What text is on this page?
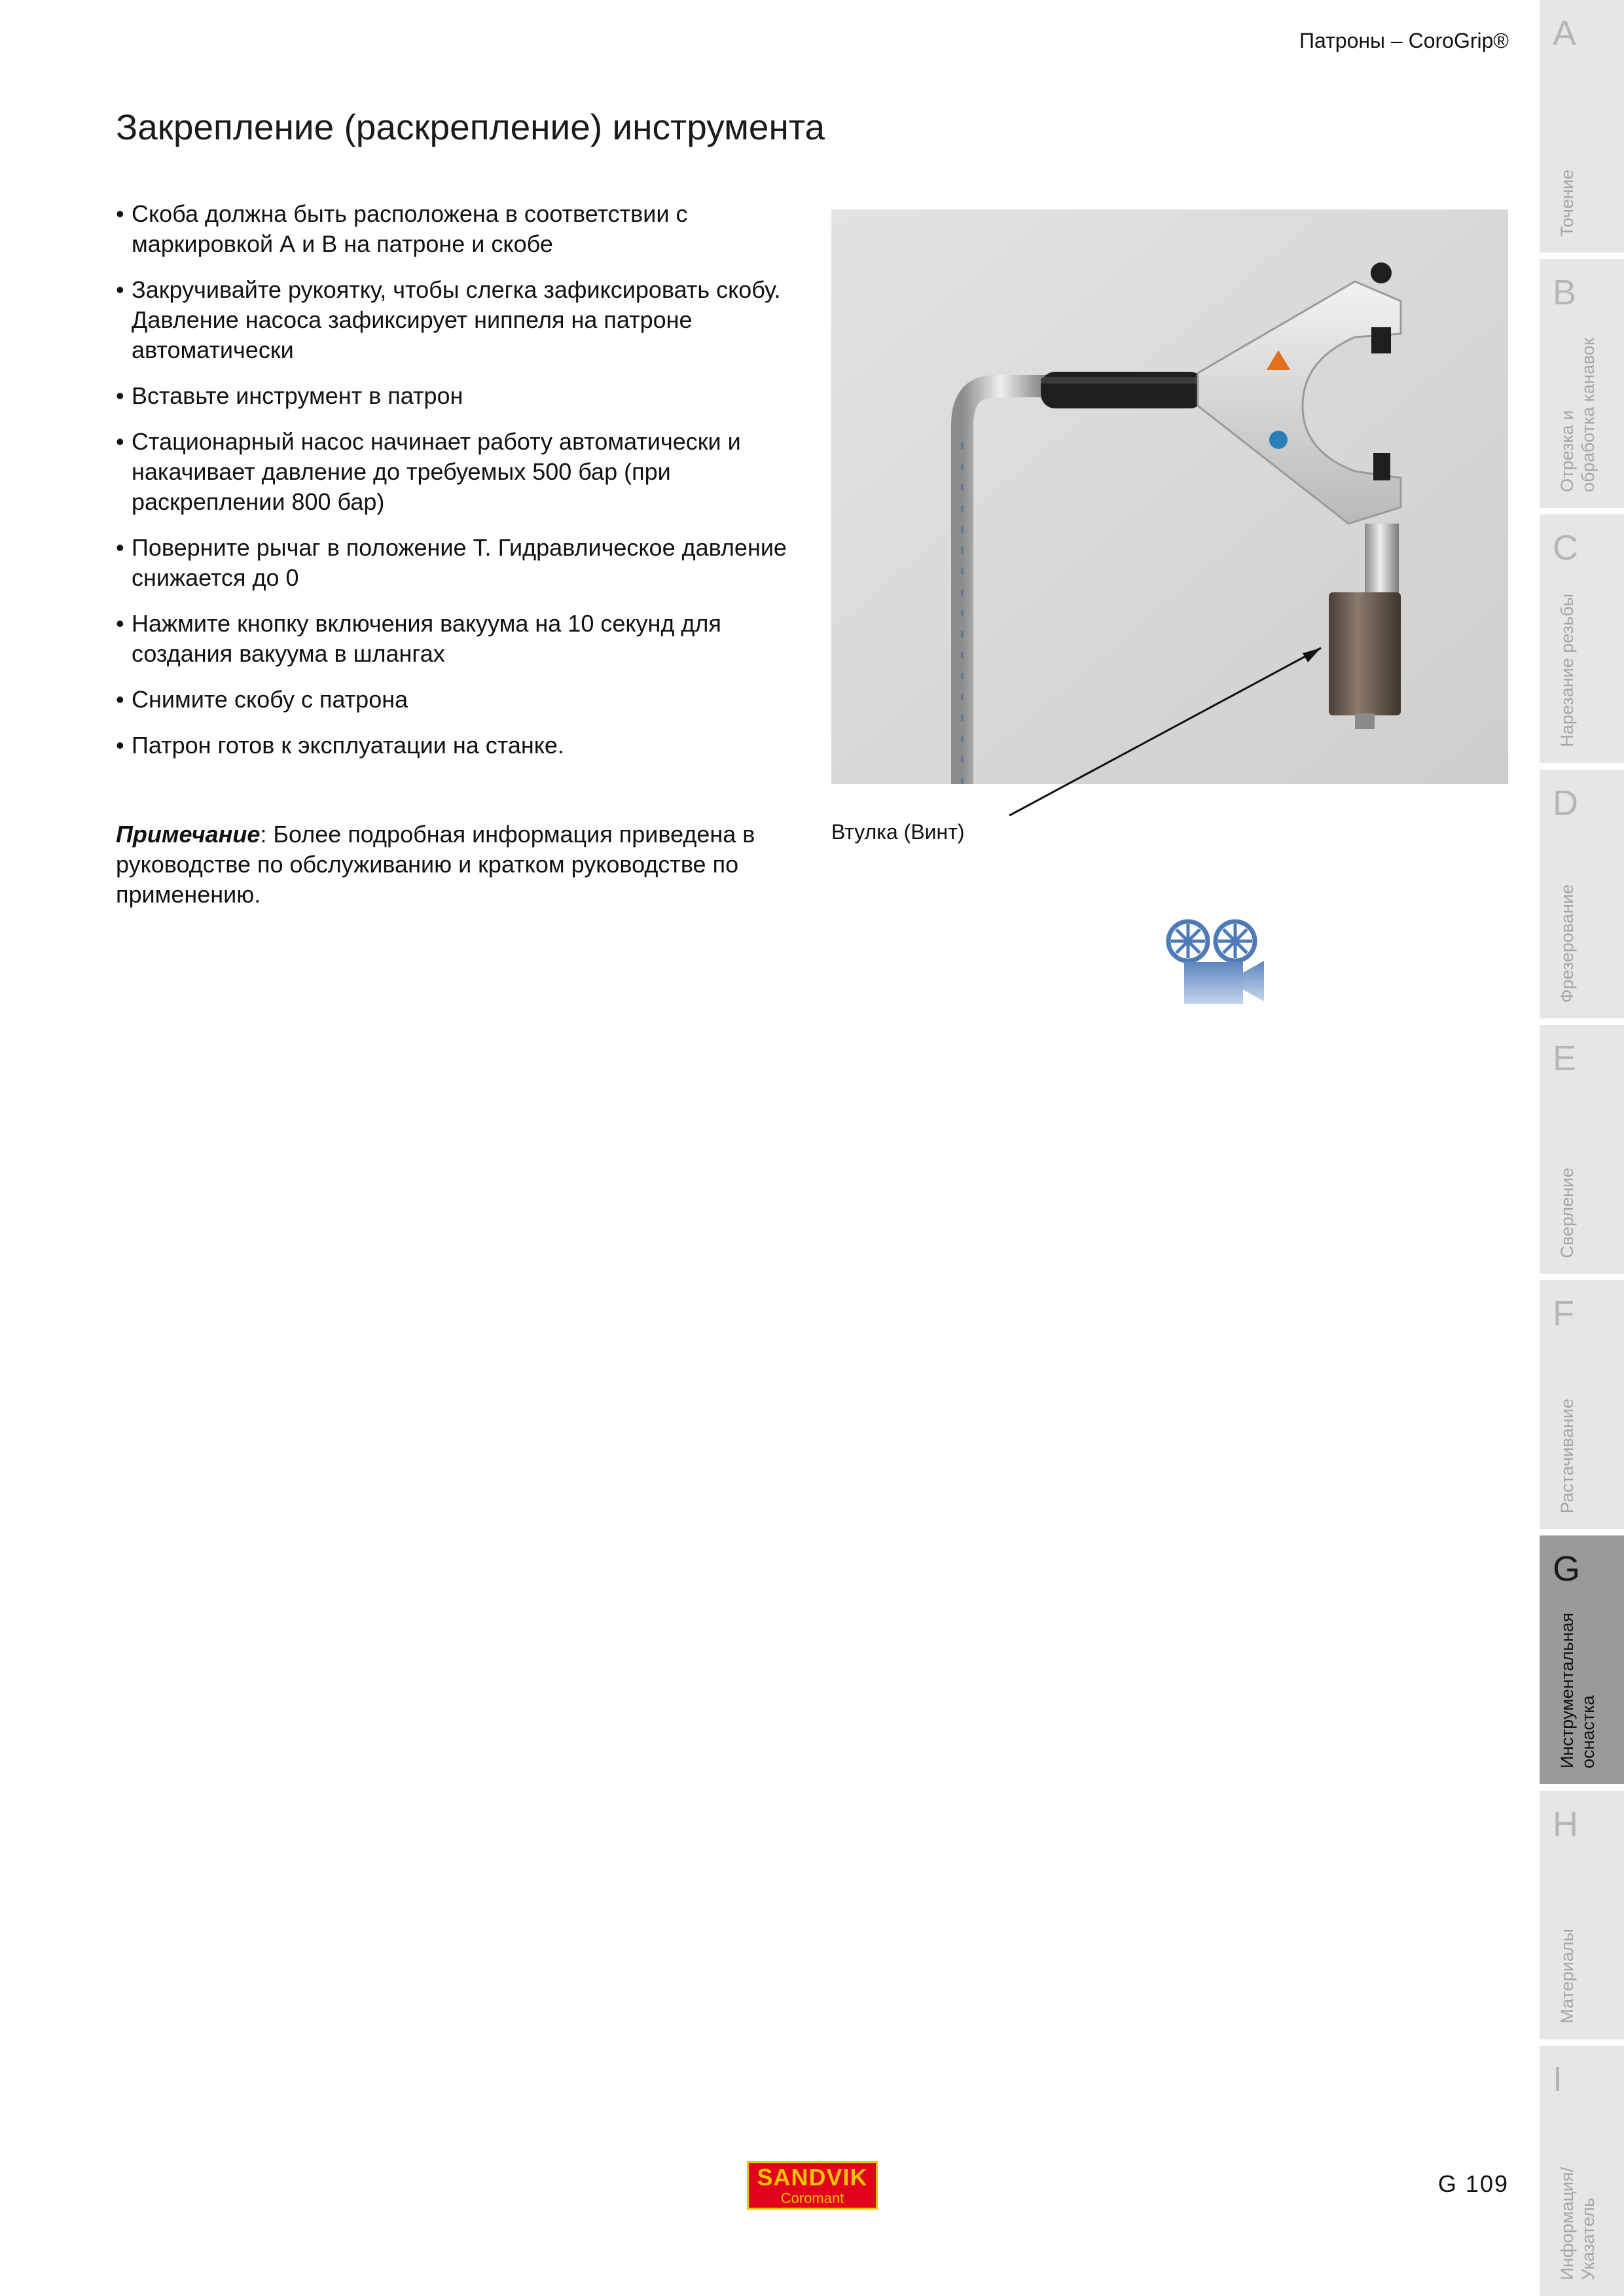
Патроны – CoroGrip®
Закрепление (раскрепление) инструмента
• Скоба должна быть расположена в соответствии с маркировкой А и В на патроне и скобе
• Закручивайте рукоятку, чтобы слегка зафиксировать скобу. Давление насоса зафиксирует ниппеля на патроне автоматически
• Вставьте инструмент в патрон
• Стационарный насос начинает работу автоматически и накачивает давление до требуемых 500 бар (при раскреплении 800 бар)
• Поверните рычаг в положение Т. Гидравлическое давление снижается до 0
• Нажмите кнопку включения вакуума на 10 секунд для создания вакуума в шлангах
• Снимите скобу с патрона
• Патрон готов к эксплуатации на станке.

Примечание: Более подробная информация приведена в руководстве по обслуживанию и кратком руководстве по применению.

Втулка (Винт)
SANDVIK
Coromant
G 109
A
Точение
B
Отрезка и
обработка канавок
C
Нарезание резьбы
D
Фрезерование
E
Сверление
F
Растачивание
G
Инструментальная
оснастка
H
Материалы
I
Информация/
Указатель
